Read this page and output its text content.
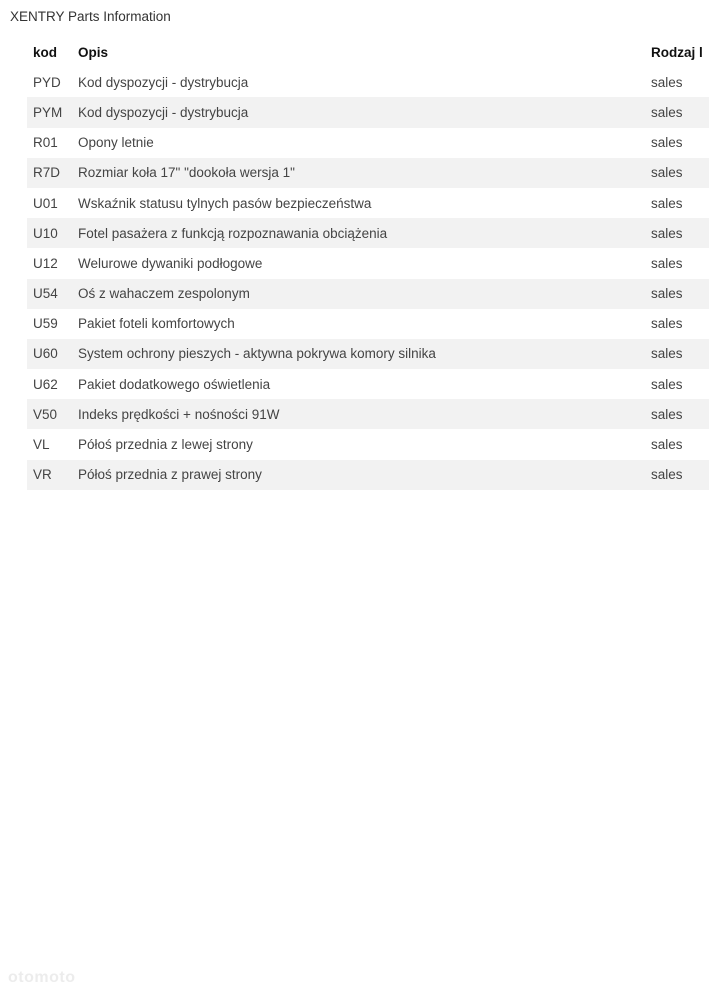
XENTRY Parts Information
kod	Opis	Rodzaj l
PYD	Kod dyspozycji - dystrybucja	sales
PYM	Kod dyspozycji - dystrybucja	sales
R01	Opony letnie	sales
R7D	Rozmiar koła 17" "dookoła wersja 1"	sales
U01	Wskaźnik statusu tylnych pasów bezpieczeństwa	sales
U10	Fotel pasażera z funkcją rozpoznawania obciążenia	sales
U12	Welurowe dywaniki podłogowe	sales
U54	Oś z wahaczem zespolonym	sales
U59	Pakiet foteli komfortowych	sales
U60	System ochrony pieszych - aktywna pokrywa komory silnika	sales
U62	Pakiet dodatkowego oświetlenia	sales
V50	Indeks prędkości + nośności 91W	sales
VL	Półoś przednia z lewej strony	sales
VR	Półoś przednia z prawej strony	sales
otomoto
